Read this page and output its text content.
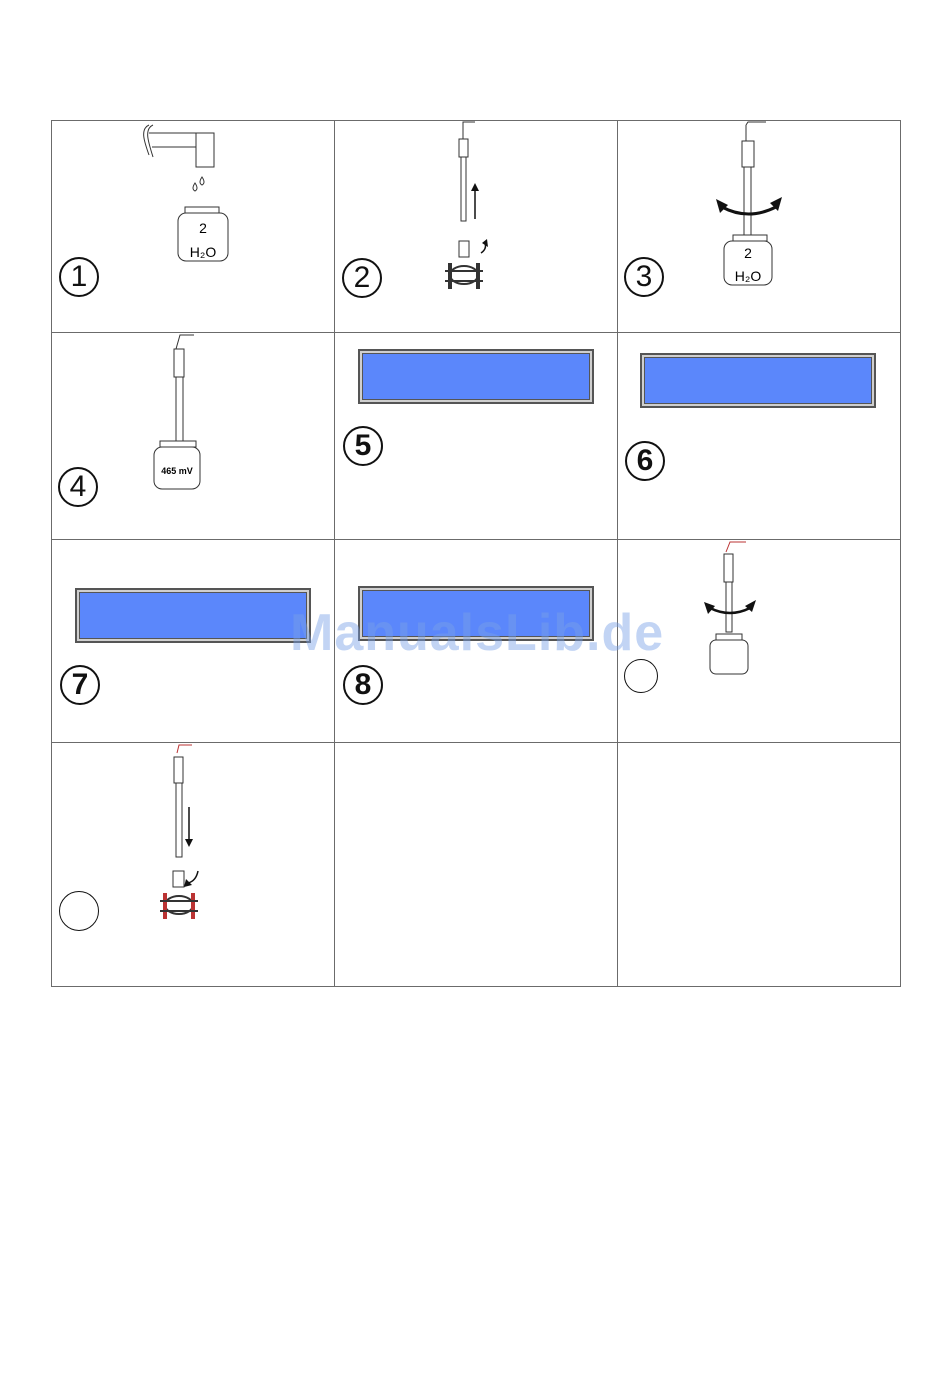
2
H₂O
1	2
2
H₂O
3
465 mV
4
5	6
7	8
ManualsLib.de
